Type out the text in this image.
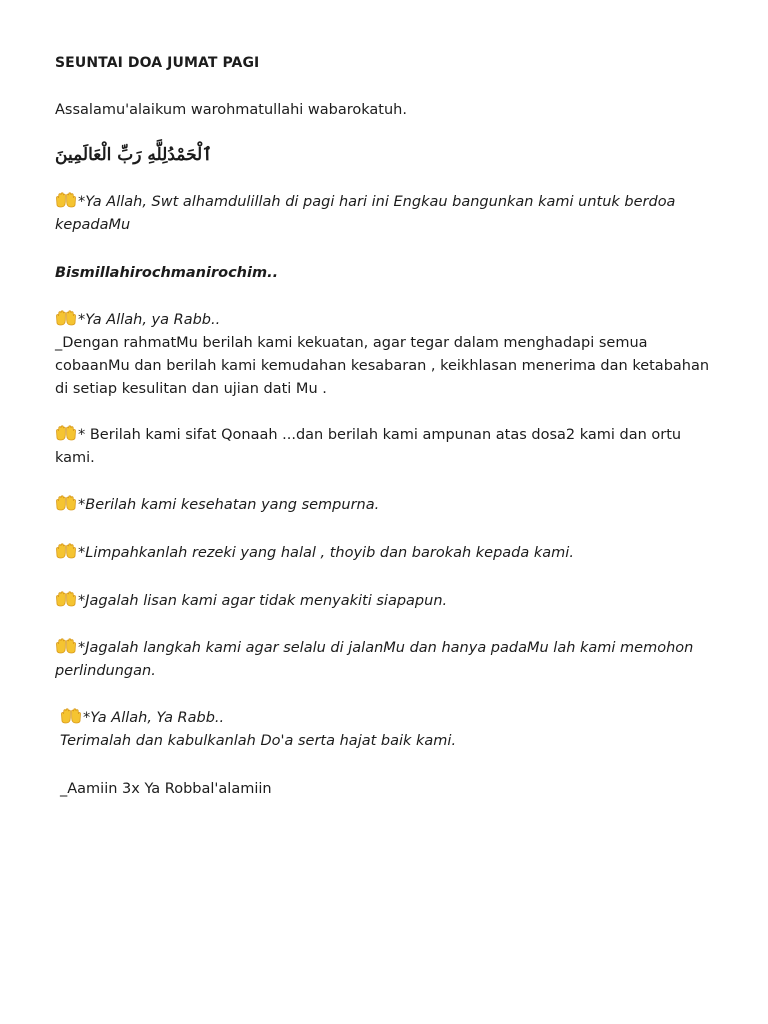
SEUNTAI DOA JUMAT PAGI
Assalamu'alaikum warohmatullahi wabarokatuh.
ٱلْحَمْدُلِلَّهِ رَبِّ الْعَالَمِينَ
*Ya Allah, Swt alhamdulillah di pagi hari ini Engkau bangunkan kami untuk berdoa kepadaMu
Bismillahirochmanirochim..
*Ya Allah, ya Rabb..
_Dengan rahmatMu berilah kami kekuatan, agar tegar dalam menghadapi semua cobaanMu dan berilah kami kemudahan kesabaran , keikhlasan menerima dan ketabahan di setiap kesulitan dan ujian dati Mu .
* Berilah kami sifat Qonaah ...dan berilah kami ampunan atas dosa2 kami dan ortu kami.
*Berilah kami kesehatan yang sempurna.
*Limpahkanlah rezeki yang halal , thoyib dan barokah kepada kami.
*Jagalah lisan kami agar tidak menyakiti siapapun.
*Jagalah langkah kami agar selalu di jalanMu dan hanya padaMu lah kami memohon perlindungan.
*Ya Allah, Ya Rabb..
Terimalah dan kabulkanlah Do'a serta hajat baik kami.
_Aamiin 3x Ya Robbal'alamiin
